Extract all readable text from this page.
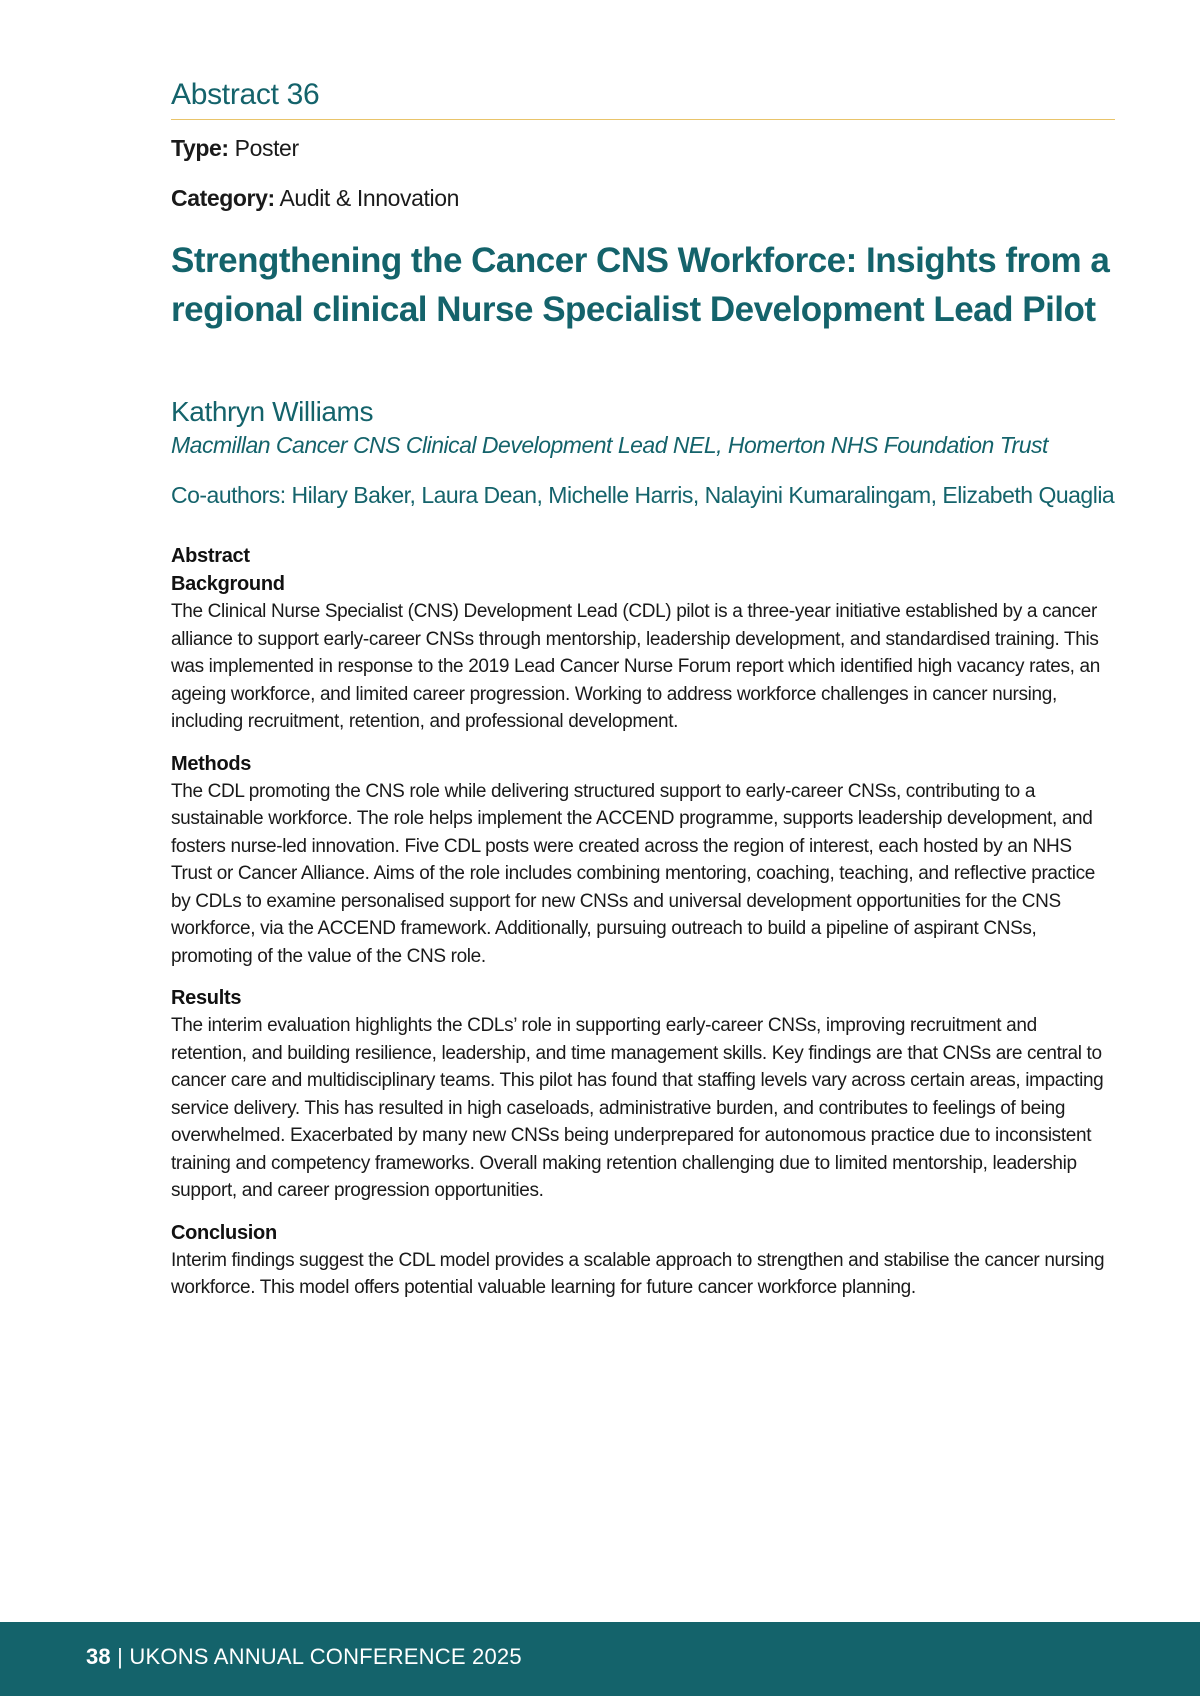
Abstract 36
Type: Poster
Category: Audit & Innovation
Strengthening the Cancer CNS Workforce: Insights from a regional clinical Nurse Specialist Development Lead Pilot
Kathryn Williams
Macmillan Cancer CNS Clinical Development Lead NEL, Homerton NHS Foundation Trust
Co-authors: Hilary Baker, Laura Dean, Michelle Harris, Nalayini Kumaralingam, Elizabeth Quaglia

Abstract

Background

The Clinical Nurse Specialist (CNS) Development Lead (CDL) pilot is a three-year initiative established by a cancer alliance to support early-career CNSs through mentorship, leadership development, and standardised training. This was implemented in response to the 2019 Lead Cancer Nurse Forum report which identified high vacancy rates, an ageing workforce, and limited career progression. Working to address workforce challenges in cancer nursing, including recruitment, retention, and professional development.

Methods

The CDL promoting the CNS role while delivering structured support to early-career CNSs, contributing to a sustainable workforce. The role helps implement the ACCEND programme, supports leadership development, and fosters nurse-led innovation. Five CDL posts were created across the region of interest, each hosted by an NHS Trust or Cancer Alliance. Aims of the role includes combining mentoring, coaching, teaching, and reflective practice by CDLs to examine personalised support for new CNSs and universal development opportunities for the CNS workforce, via the ACCEND framework. Additionally, pursuing outreach to build a pipeline of aspirant CNSs, promoting of the value of the CNS role.

Results

The interim evaluation highlights the CDLs’ role in supporting early-career CNSs, improving recruitment and retention, and building resilience, leadership, and time management skills. Key findings are that CNSs are central to cancer care and multidisciplinary teams. This pilot has found that staffing levels vary across certain areas, impacting service delivery. This has resulted in high caseloads, administrative burden, and contributes to feelings of being overwhelmed. Exacerbated by many new CNSs being underprepared for autonomous practice due to inconsistent training and competency frameworks. Overall making retention challenging due to limited mentorship, leadership support, and career progression opportunities.

Conclusion

Interim findings suggest the CDL model provides a scalable approach to strengthen and stabilise the cancer nursing workforce. This model offers potential valuable learning for future cancer workforce planning.

38 | UKONS ANNUAL CONFERENCE 2025
